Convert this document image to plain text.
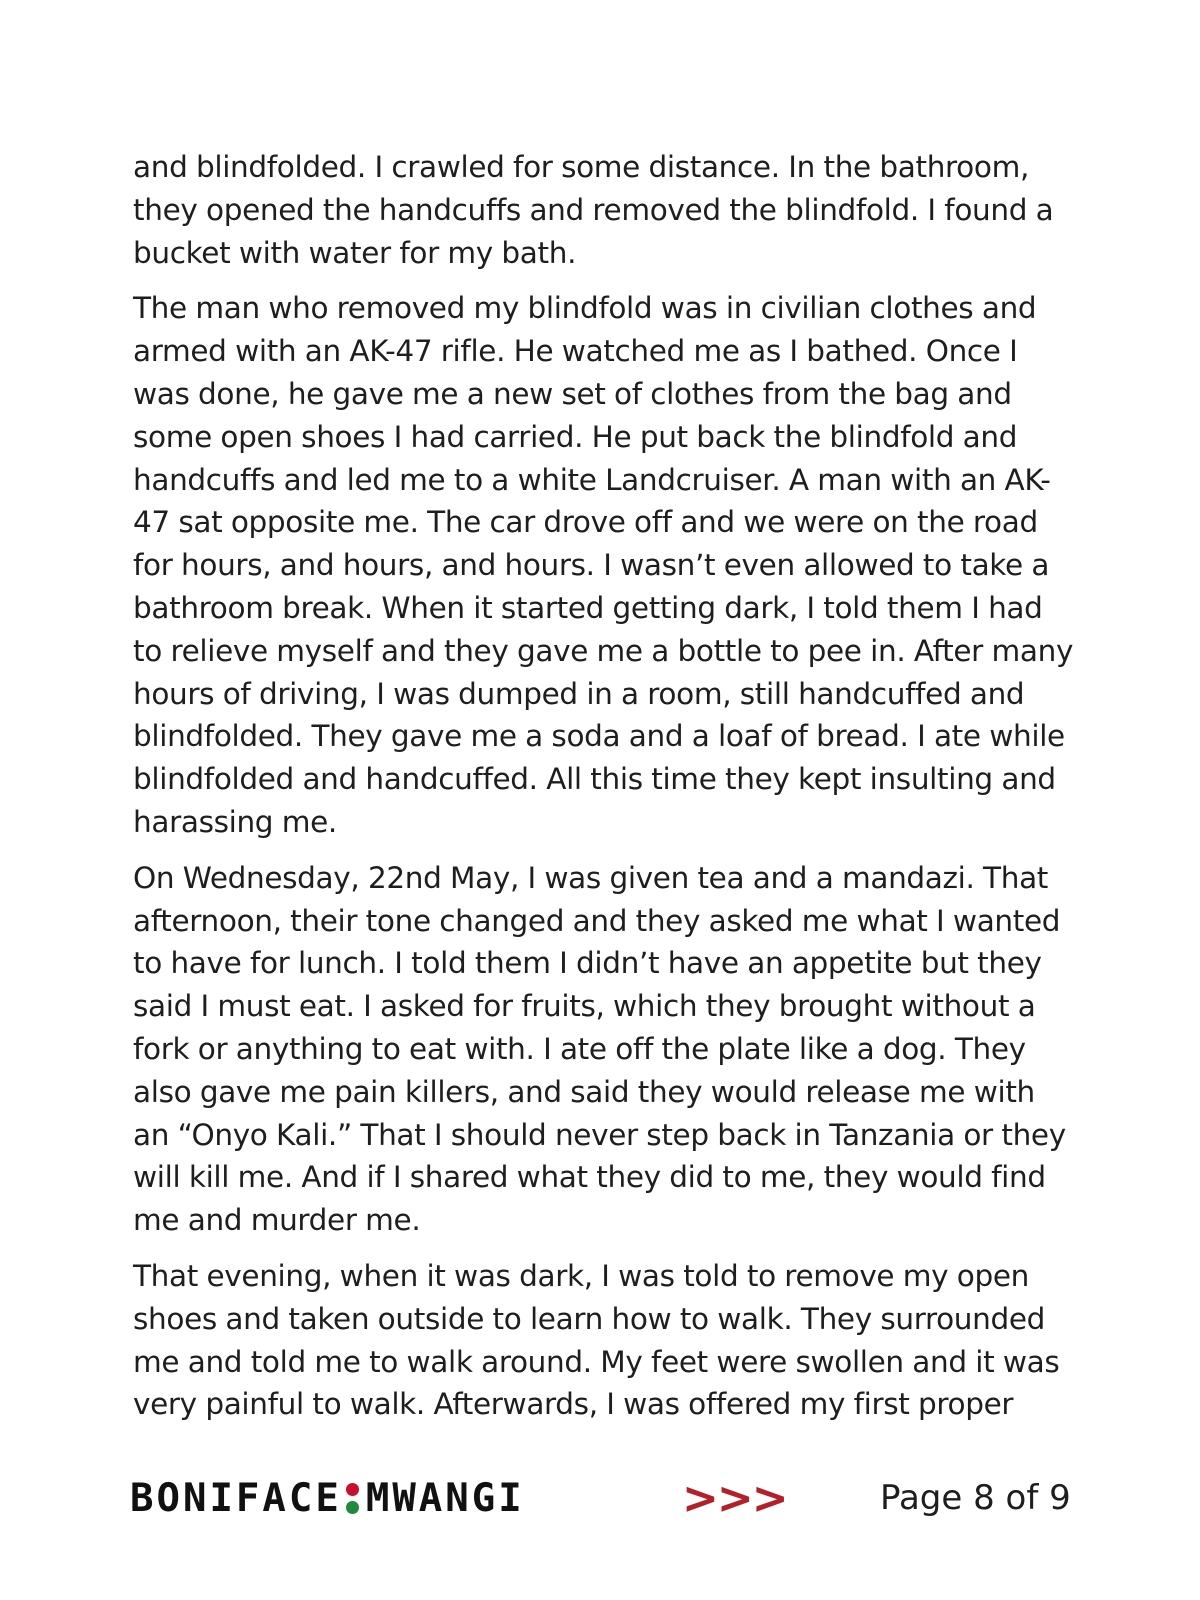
and blindfolded. I crawled for some distance. In the bathroom, they opened the handcuffs and removed the blindfold. I found a bucket with water for my bath.

The man who removed my blindfold was in civilian clothes and armed with an AK-47 rifle. He watched me as I bathed. Once I was done, he gave me a new set of clothes from the bag and some open shoes I had carried. He put back the blindfold and handcuffs and led me to a white Landcruiser. A man with an AK-47 sat opposite me. The car drove off and we were on the road for hours, and hours, and hours. I wasn’t even allowed to take a bathroom break. When it started getting dark, I told them I had to relieve myself and they gave me a bottle to pee in. After many hours of driving, I was dumped in a room, still handcuffed and blindfolded. They gave me a soda and a loaf of bread. I ate while blindfolded and handcuffed. All this time they kept insulting and harassing me.

On Wednesday, 22nd May, I was given tea and a mandazi. That afternoon, their tone changed and they asked me what I wanted to have for lunch. I told them I didn’t have an appetite but they said I must eat. I asked for fruits, which they brought without a fork or anything to eat with. I ate off the plate like a dog. They also gave me pain killers, and said they would release me with an “Onyo Kali.” That I should never step back in Tanzania or they will kill me. And if I shared what they did to me, they would find me and murder me.

That evening, when it was dark, I was told to remove my open shoes and taken outside to learn how to walk. They surrounded me and told me to walk around. My feet were swollen and it was very painful to walk. Afterwards, I was offered my first proper

BONIFACE MWANGI	>>>	Page 8 of 9
